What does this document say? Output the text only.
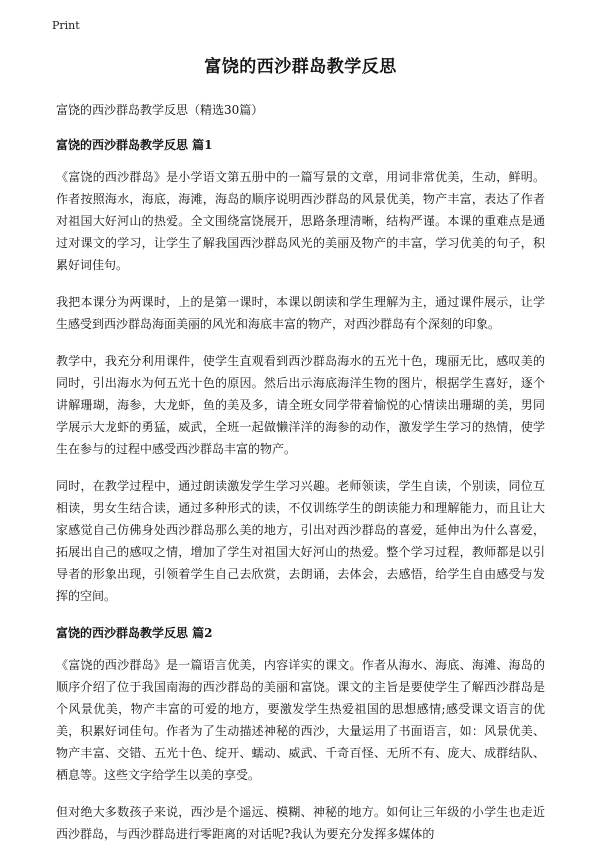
Print
富饶的西沙群岛教学反思
富饶的西沙群岛教学反思（精选30篇）
富饶的西沙群岛教学反思 篇1

《富饶的西沙群岛》是小学语文第五册中的一篇写景的文章，用词非常优美，生动，鲜明。作者按照海水，海底，海滩，海岛的顺序说明西沙群岛的风景优美，物产丰富，表达了作者对祖国大好河山的热爱。全文围绕富饶展开，思路条理清晰，结构严谨。本课的重难点是通过对课文的学习，让学生了解我国西沙群岛风光的美丽及物产的丰富，学习优美的句子，积累好词佳句。

我把本课分为两课时，上的是第一课时，本课以朗读和学生理解为主，通过课件展示，让学生感受到西沙群岛海面美丽的风光和海底丰富的物产，对西沙群岛有个深刻的印象。

教学中，我充分利用课件，使学生直观看到西沙群岛海水的五光十色，瑰丽无比，感叹美的同时，引出海水为何五光十色的原因。然后出示海底海洋生物的图片，根据学生喜好，逐个讲解珊瑚，海参，大龙虾，鱼的美及多，请全班女同学带着愉悦的心情读出珊瑚的美，男同学展示大龙虾的勇猛，威武，全班一起做懒洋洋的海参的动作，激发学生学习的热情，使学生在参与的过程中感受西沙群岛丰富的物产。

同时，在教学过程中，通过朗读激发学生学习兴趣。老师领读，学生自读，个别读，同位互相读，男女生结合读，通过多种形式的读，不仅训练学生的朗读能力和理解能力，而且让大家感觉自己仿佛身处西沙群岛那么美的地方，引出对西沙群岛的喜爱，延伸出为什么喜爱，拓展出自己的感叹之情，增加了学生对祖国大好河山的热爱。整个学习过程，教师都是以引导者的形象出现，引领着学生自己去欣赏，去朗诵，去体会，去感悟，给学生自由感受与发挥的空间。

富饶的西沙群岛教学反思 篇2

《富饶的西沙群岛》是一篇语言优美，内容详实的课文。作者从海水、海底、海滩、海岛的顺序介绍了位于我国南海的西沙群岛的美丽和富饶。课文的主旨是要使学生了解西沙群岛是个风景优美，物产丰富的可爱的地方，要激发学生热爱祖国的思想感情;感受课文语言的优美，积累好词佳句。作者为了生动描述神秘的西沙，大量运用了书面语言，如：风景优美、物产丰富、交错、五光十色、绽开、蠕动、威武、千奇百怪、无所不有、庞大、成群结队、栖息等。这些文字给学生以美的享受。

但对绝大多数孩子来说，西沙是个遥远、模糊、神秘的地方。如何让三年级的小学生也走近西沙群岛，与西沙群岛进行零距离的对话呢?我认为要充分发挥多媒体的
